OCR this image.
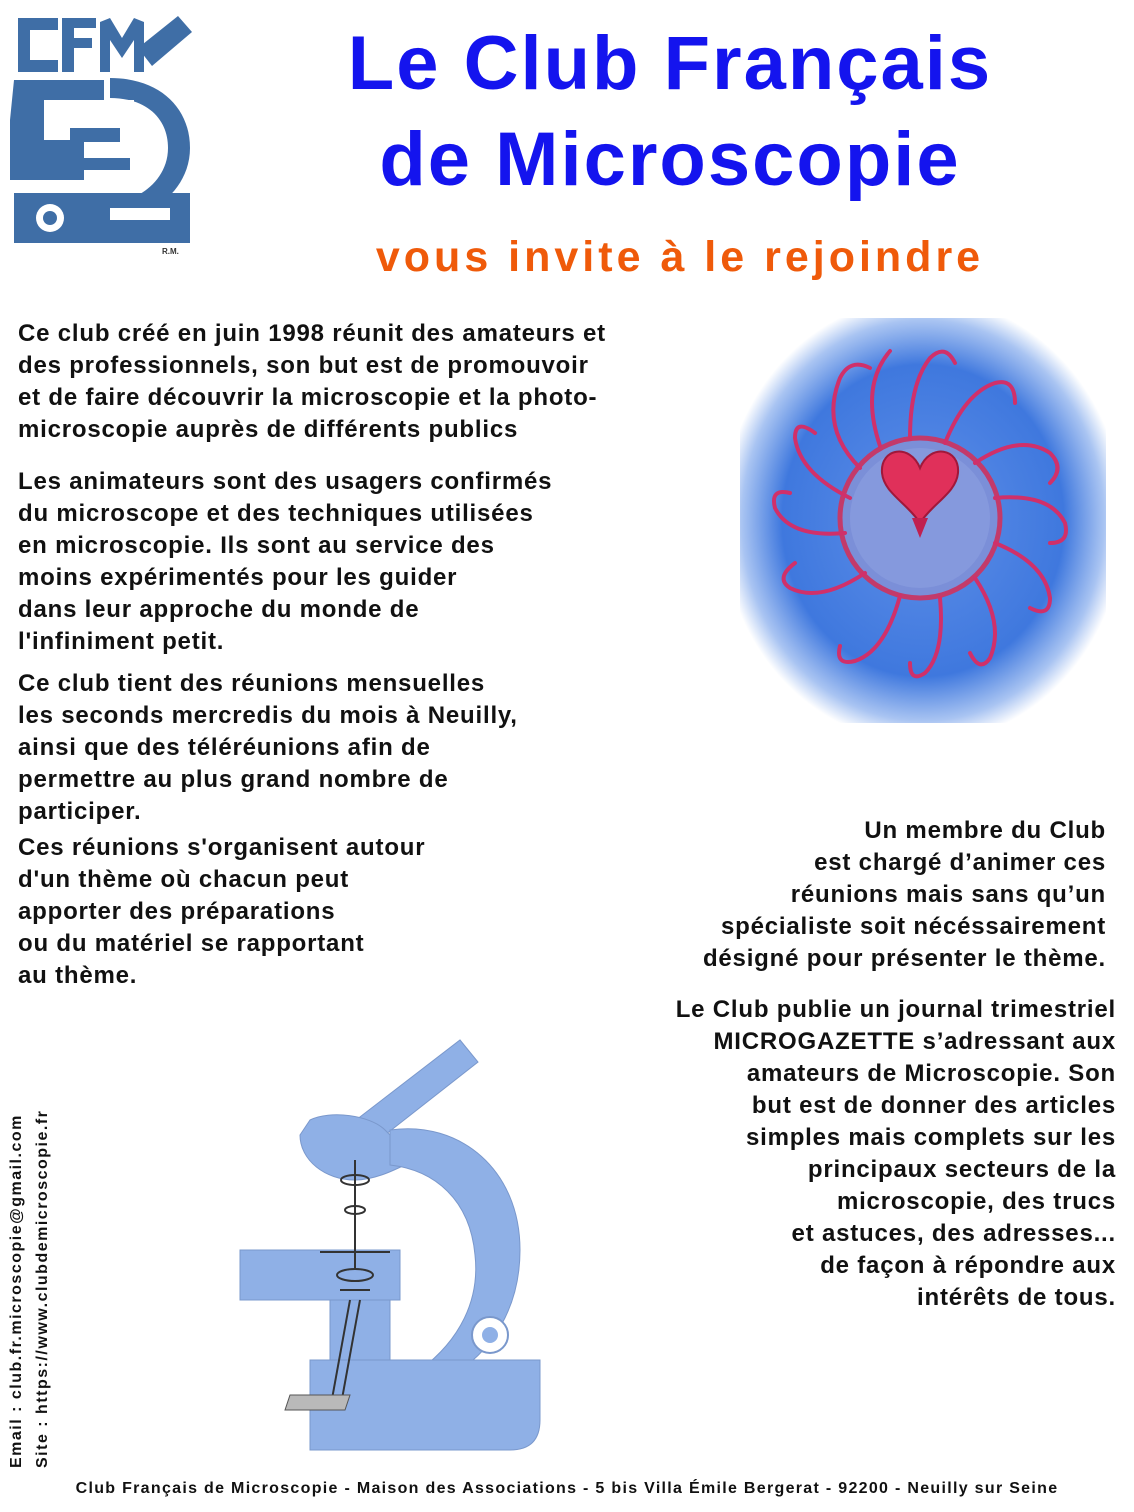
R.M.
Le Club Français
de Microscopie
vous invite à le rejoindre
Ce club créé en juin 1998 réunit des amateurs et
des professionnels, son but est de promouvoir
et de faire découvrir la microscopie et la photo-
microscopie auprès de différents publics
Les animateurs sont des usagers confirmés
du microscope et des techniques utilisées
en microscopie. Ils sont au service des
moins expérimentés pour les guider
dans leur approche du monde de
l'infiniment petit.
Ce club tient des réunions mensuelles
les seconds mercredis du mois à Neuilly,
ainsi que des téléréunions afin de
permettre au plus grand nombre de
participer.
Ces réunions s'organisent autour
d'un thème où chacun peut
apporter des préparations
ou du matériel se rapportant
au thème.
Un membre du Club
est chargé d’animer ces
réunions mais sans qu’un
spécialiste soit nécéssairement
désigné pour présenter le thème.
Le Club publie un journal trimestriel
MICROGAZETTE s’adressant aux
amateurs de Microscopie. Son
but est de donner des articles
simples mais complets sur les
principaux secteurs de la
microscopie, des trucs
et astuces, des adresses...
de façon à répondre aux
intérêts de tous.
Email : club.fr.microscopie@gmail.com Site : https://www.clubdemicroscopie.fr
Club Français de Microscopie - Maison des Associations - 5 bis Villa Émile Bergerat - 92200 - Neuilly sur Seine
